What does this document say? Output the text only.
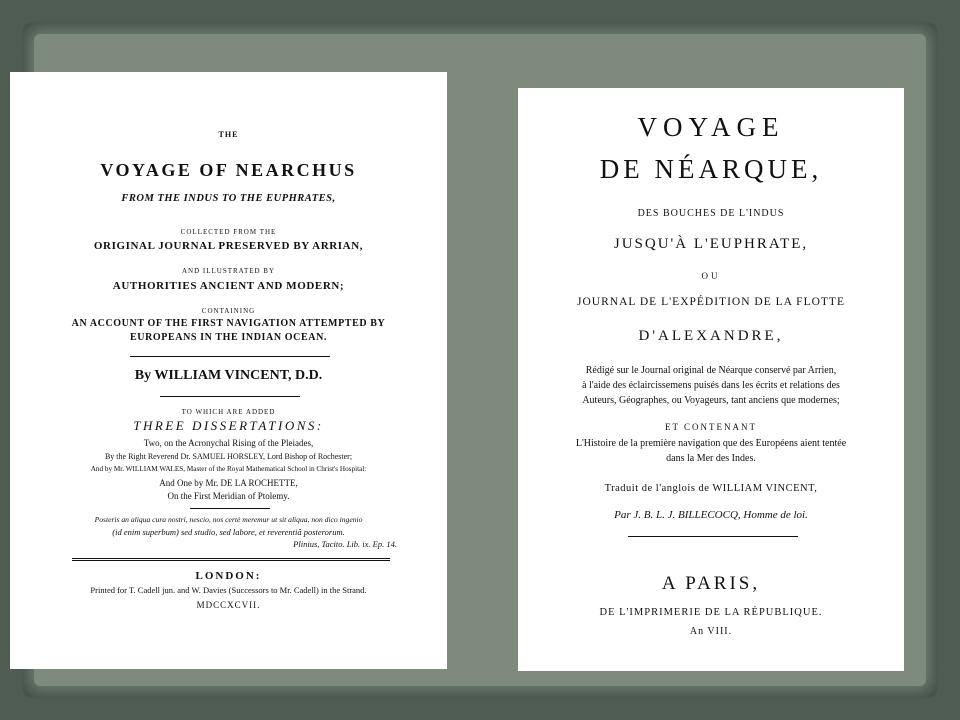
THE
VOYAGE OF NEARCHUS
FROM THE INDUS TO THE EUPHRATES,
COLLECTED FROM THE
ORIGINAL JOURNAL PRESERVED BY ARRIAN,
AND ILLUSTRATED BY
AUTHORITIES ANCIENT AND MODERN;
CONTAINING
AN ACCOUNT OF THE FIRST NAVIGATION ATTEMPTED BY
EUROPEANS IN THE INDIAN OCEAN.
By WILLIAM VINCENT, D.D.
TO WHICH ARE ADDED
THREE DISSERTATIONS:
Two, on the Acronychal Rising of the Pleiades,
By the Right Reverend Dr. SAMUEL HORSLEY, Lord Bishop of Rochester;
And by Mr. WILLIAM WALES, Master of the Royal Mathematical School in Christ's Hospital:
And One by Mr. DE LA ROCHETTE,
On the First Meridian of Ptolemy.
Posteris an aliqua cura nostri, nescio, nos certè meremur ut sit aliqua, non dico ingenio
(id enim superbum) sed studio, sed labore, et reverentiâ posterorum.
Plinius, Tacito. Lib. ix. Ep. 14.
LONDON:
Printed for T. Cadell jun. and W. Davies (Successors to Mr. Cadell) in the Strand.
MDCCXCVII.
VOYAGE
DE NÉARQUE,
DES BOUCHES DE L'INDUS
JUSQU'À L'EUPHRATE,
OU
JOURNAL DE L'EXPÉDITION DE LA FLOTTE
D'ALEXANDRE,
Rédigé sur le Journal original de Néarque conservé par Arrien,
à l'aide des éclaircissemens puisés dans les écrits et relations des
Auteurs, Géographes, ou Voyageurs, tant anciens que modernes;
ET CONTENANT
L'Histoire de la première navigation que des Européens aient tentée
dans la Mer des Indes.
Traduit de l'anglois de WILLIAM VINCENT,
Par J. B. L. J. BILLECOCQ, Homme de loi.
A PARIS,
DE L'IMPRIMERIE DE LA RÉPUBLIQUE.
An VIII.
